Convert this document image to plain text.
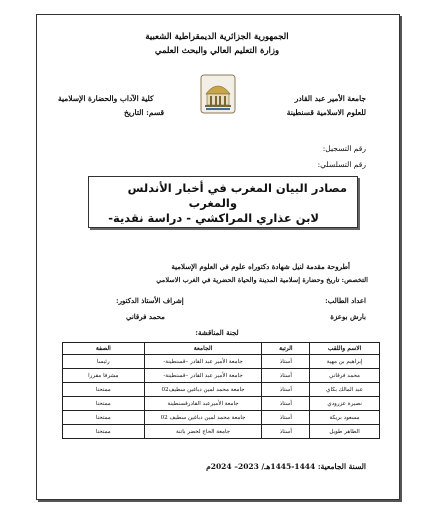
الجمهورية الجزائرية الديمقراطية الشعبية
وزارة التعليم العالي والبحث العلمي
جامعة الأمير عبد القادر
للعلوم الاسلامية قسنطينة
كلية الآداب والحضارة الإسلامية
قسم: التاريخ
رقم التسجيل:
رقم التسلسلي:
مصادر البيان المغرب في أخبار الأندلس
والمغرب
لابن عذاري المراكشي - دراسة نقدية-
أطروحة مقدمة لنيل شهادة دكتوراه علوم في العلوم الإسلامية
التخصص: تاريخ وحضارة إسلامية المدينة والحياة الحضرية في الغرب الاسلامي
اعداد الطالب:
بارش بوعزة
إشراف الأستاذ الدكتور:
محمد فرقاني
لجنة المناقشة:
الاسم واللقب	الرتبة	الجامعة	الصفة
إبراهيم بن مهية	أستاذ	جامعة الأمير عبد القادر –قسنطينة-	رئيسا
محمد فرقاني	أستاذ	جامعة الأمير عبد القادر –قسنطينة-	مشرفا مقررا
عبد المالك بكاي	أستاذ	جامعة محمد لمين دباغين سطيف02	ممتحنا
نصيرة عزرودي	أستاذ	جامعة الأميرعبد القادرقسنطينة	ممتحنا
مسعود بريكة	أستاذ	جامعة محمد لمين دباغين سطيف 02	ممتحنا
الطاهر طويل	أستاذ	جامعة الحاج لخضر باتنة	ممتحنا
السنة الجامعية: 1444-1445هـ/ 2023– 2024م
